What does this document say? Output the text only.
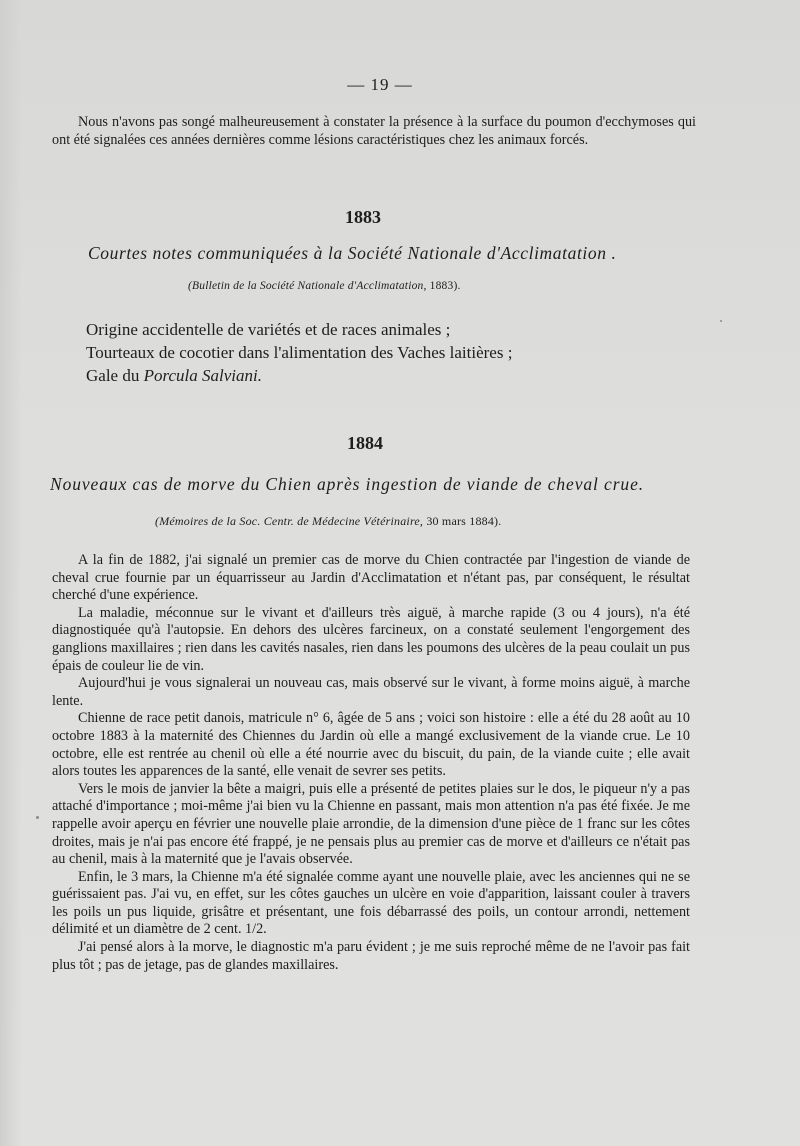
— 19 —

Nous n'avons pas songé malheureusement à constater la présence à la surface du poumon d'ecchymoses qui ont été signalées ces années dernières comme lésions caractéristiques chez les animaux forcés.

1883
Courtes notes communiquées à la Société Nationale d'Acclimatation .
(Bulletin de la Société Nationale d'Acclimatation, 1883).
Origine accidentelle de variétés et de races animales ;
Tourteaux de cocotier dans l'alimentation des Vaches laitières ;
Gale du Porcula Salviani.
1884
Nouveaux cas de morve du Chien après ingestion de viande de cheval crue.
(Mémoires de la Soc. Centr. de Médecine Vétérinaire, 30 mars 1884).

A la fin de 1882, j'ai signalé un premier cas de morve du Chien contractée par l'ingestion de viande de cheval crue fournie par un équarrisseur au Jardin d'Acclimatation et n'étant pas, par conséquent, le résultat cherché d'une expérience.

La maladie, méconnue sur le vivant et d'ailleurs très aiguë, à marche rapide (3 ou 4 jours), n'a été diagnostiquée qu'à l'autopsie. En dehors des ulcères farcineux, on a constaté seulement l'engorgement des ganglions maxillaires ; rien dans les cavités nasales, rien dans les poumons des ulcères de la peau coulait un pus épais de couleur lie de vin.

Aujourd'hui je vous signalerai un nouveau cas, mais observé sur le vivant, à forme moins aiguë, à marche lente.

Chienne de race petit danois, matricule n° 6, âgée de 5 ans ; voici son histoire : elle a été du 28 août au 10 octobre 1883 à la maternité des Chiennes du Jardin où elle a mangé exclusivement de la viande crue. Le 10 octobre, elle est rentrée au chenil où elle a été nourrie avec du biscuit, du pain, de la viande cuite ; elle avait alors toutes les apparences de la santé, elle venait de sevrer ses petits.

Vers le mois de janvier la bête a maigri, puis elle a présenté de petites plaies sur le dos, le piqueur n'y a pas attaché d'importance ; moi-même j'ai bien vu la Chienne en passant, mais mon attention n'a pas été fixée. Je me rappelle avoir aperçu en février une nouvelle plaie arrondie, de la dimension d'une pièce de 1 franc sur les côtes droites, mais je n'ai pas encore été frappé, je ne pensais plus au premier cas de morve et d'ailleurs ce n'était pas au chenil, mais à la maternité que je l'avais observée.

Enfin, le 3 mars, la Chienne m'a été signalée comme ayant une nouvelle plaie, avec les anciennes qui ne se guérissaient pas. J'ai vu, en effet, sur les côtes gauches un ulcère en voie d'apparition, laissant couler à travers les poils un pus liquide, grisâtre et présentant, une fois débarrassé des poils, un contour arrondi, nettement délimité et un diamètre de 2 cent. 1/2.

J'ai pensé alors à la morve, le diagnostic m'a paru évident ; je me suis reproché même de ne l'avoir pas fait plus tôt ; pas de jetage, pas de glandes maxillaires.
